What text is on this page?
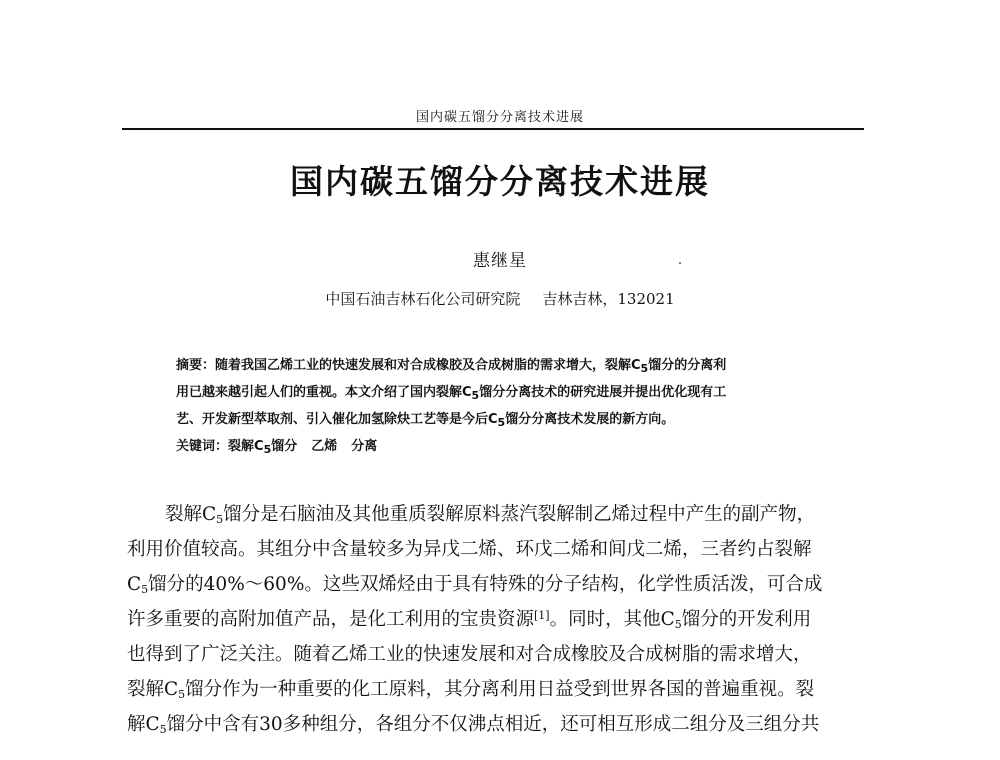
国内碳五馏分分离技术进展
国内碳五馏分分离技术进展
惠继星
中国石油吉林石化公司研究院 吉林吉林，132021
摘要：随着我国乙烯工业的快速发展和对合成橡胶及合成树脂的需求增大，裂解$C_5$馏分的分离利
用已越来越引起人们的重视。本文介绍了国内裂解$C_5$馏分分离技术的研究进展并提出优化现有工
艺、开发新型萃取剂、引入催化加氢除炔工艺等是今后$C_5$馏分分离技术发展的新方向。
关键词：裂解$C_5$馏分 乙烯 分离
裂解$C_5$馏分是石脑油及其他重质裂解原料蒸汽裂解制乙烯过程中产生的副产物，
利用价值较高。其组分中含量较多为异戊二烯、环戊二烯和间戊二烯，三者约占裂解
$C_5$馏分的40%～60%。这些双烯烃由于具有特殊的分子结构，化学性质活泼，可合成
许多重要的高附加值产品，是化工利用的宝贵资源[1]。同时，其他$C_5$馏分的开发利用
也得到了广泛关注。随着乙烯工业的快速发展和对合成橡胶及合成树脂的需求增大，
裂解$C_5$馏分作为一种重要的化工原料，其分离利用日益受到世界各国的普遍重视。裂
解$C_5$馏分中含有30多种组分，各组分不仅沸点相近，还可相互形成二组分及三组分共
